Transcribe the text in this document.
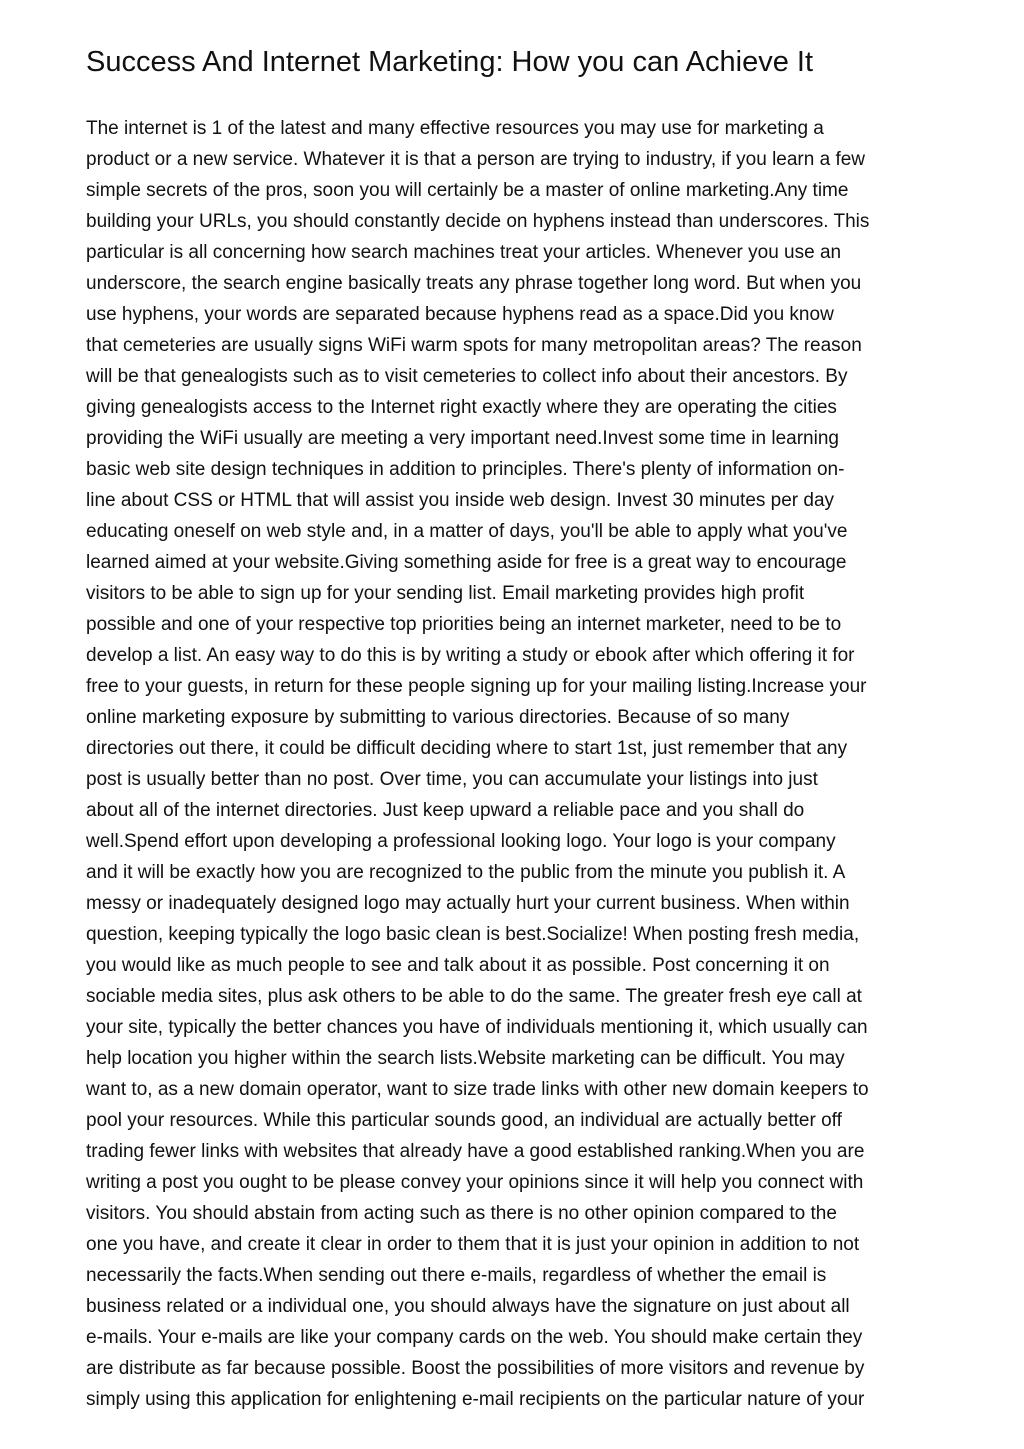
Success And Internet Marketing: How you can Achieve It
The internet is 1 of the latest and many effective resources you may use for marketing a
product or a new service. Whatever it is that a person are trying to industry, if you learn a few
simple secrets of the pros, soon you will certainly be a master of online marketing.Any time
building your URLs, you should constantly decide on hyphens instead than underscores. This
particular is all concerning how search machines treat your articles. Whenever you use an
underscore, the search engine basically treats any phrase together long word. But when you
use hyphens, your words are separated because hyphens read as a space.Did you know
that cemeteries are usually signs WiFi warm spots for many metropolitan areas? The reason
will be that genealogists such as to visit cemeteries to collect info about their ancestors. By
giving genealogists access to the Internet right exactly where they are operating the cities
providing the WiFi usually are meeting a very important need.Invest some time in learning
basic web site design techniques in addition to principles. There's plenty of information on-
line about CSS or HTML that will assist you inside web design. Invest 30 minutes per day
educating oneself on web style and, in a matter of days, you'll be able to apply what you've
learned aimed at your website.Giving something aside for free is a great way to encourage
visitors to be able to sign up for your sending list. Email marketing provides high profit
possible and one of your respective top priorities being an internet marketer, need to be to
develop a list. An easy way to do this is by writing a study or ebook after which offering it for
free to your guests, in return for these people signing up for your mailing listing.Increase your
online marketing exposure by submitting to various directories. Because of so many
directories out there, it could be difficult deciding where to start 1st, just remember that any
post is usually better than no post. Over time, you can accumulate your listings into just
about all of the internet directories. Just keep upward a reliable pace and you shall do
well.Spend effort upon developing a professional looking logo. Your logo is your company
and it will be exactly how you are recognized to the public from the minute you publish it. A
messy or inadequately designed logo may actually hurt your current business. When within
question, keeping typically the logo basic clean is best.Socialize! When posting fresh media,
you would like as much people to see and talk about it as possible. Post concerning it on
sociable media sites, plus ask others to be able to do the same. The greater fresh eye call at
your site, typically the better chances you have of individuals mentioning it, which usually can
help location you higher within the search lists.Website marketing can be difficult. You may
want to, as a new domain operator, want to size trade links with other new domain keepers to
pool your resources. While this particular sounds good, an individual are actually better off
trading fewer links with websites that already have a good established ranking.When you are
writing a post you ought to be please convey your opinions since it will help you connect with
visitors. You should abstain from acting such as there is no other opinion compared to the
one you have, and create it clear in order to them that it is just your opinion in addition to not
necessarily the facts.When sending out there e-mails, regardless of whether the email is
business related or a individual one, you should always have the signature on just about all
e-mails. Your e-mails are like your company cards on the web. You should make certain they
are distribute as far because possible. Boost the possibilities of more visitors and revenue by
simply using this application for enlightening e-mail recipients on the particular nature of your
